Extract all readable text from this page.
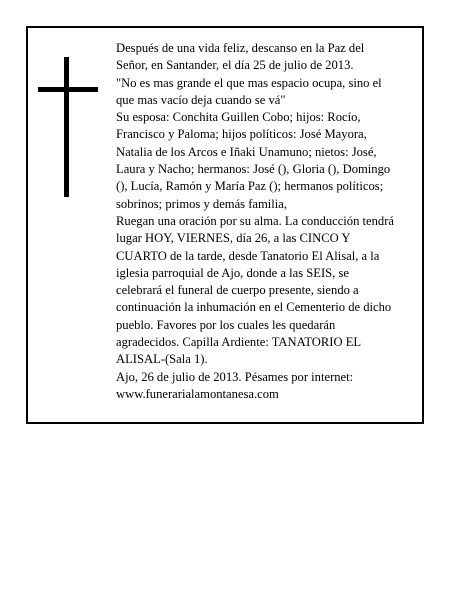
Después de una vida feliz, descanso en la Paz del Señor, en Santander, el día 25 de julio de 2013.

"No es mas grande el que mas espacio ocupa, sino el que mas vacío deja cuando se vá"

Su esposa: Conchita Guillen Cobo; hijos: Rocío, Francisco y Paloma; hijos políticos: José Mayora, Natalia de los Arcos e Iñaki Unamuno; nietos: José, Laura y Nacho; hermanos: José (), Gloria (), Domingo (), Lucía, Ramón y María Paz (); hermanos políticos; sobrinos; primos y demás familia,

Ruegan una oración por su alma. La conducción tendrá lugar HOY, VIERNES, día 26, a las CINCO Y CUARTO de la tarde, desde Tanatorio El Alisal, a la iglesia parroquial de Ajo, donde a las SEIS, se celebrará el funeral de cuerpo presente, siendo a continuación la inhumación en el Cementerio de dicho pueblo. Favores por los cuales les quedarán agradecidos. Capilla Ardiente: TANATORIO EL ALISAL-(Sala 1).

Ajo, 26 de julio de 2013. Pésames por internet: www.funerarialamontanesa.com
